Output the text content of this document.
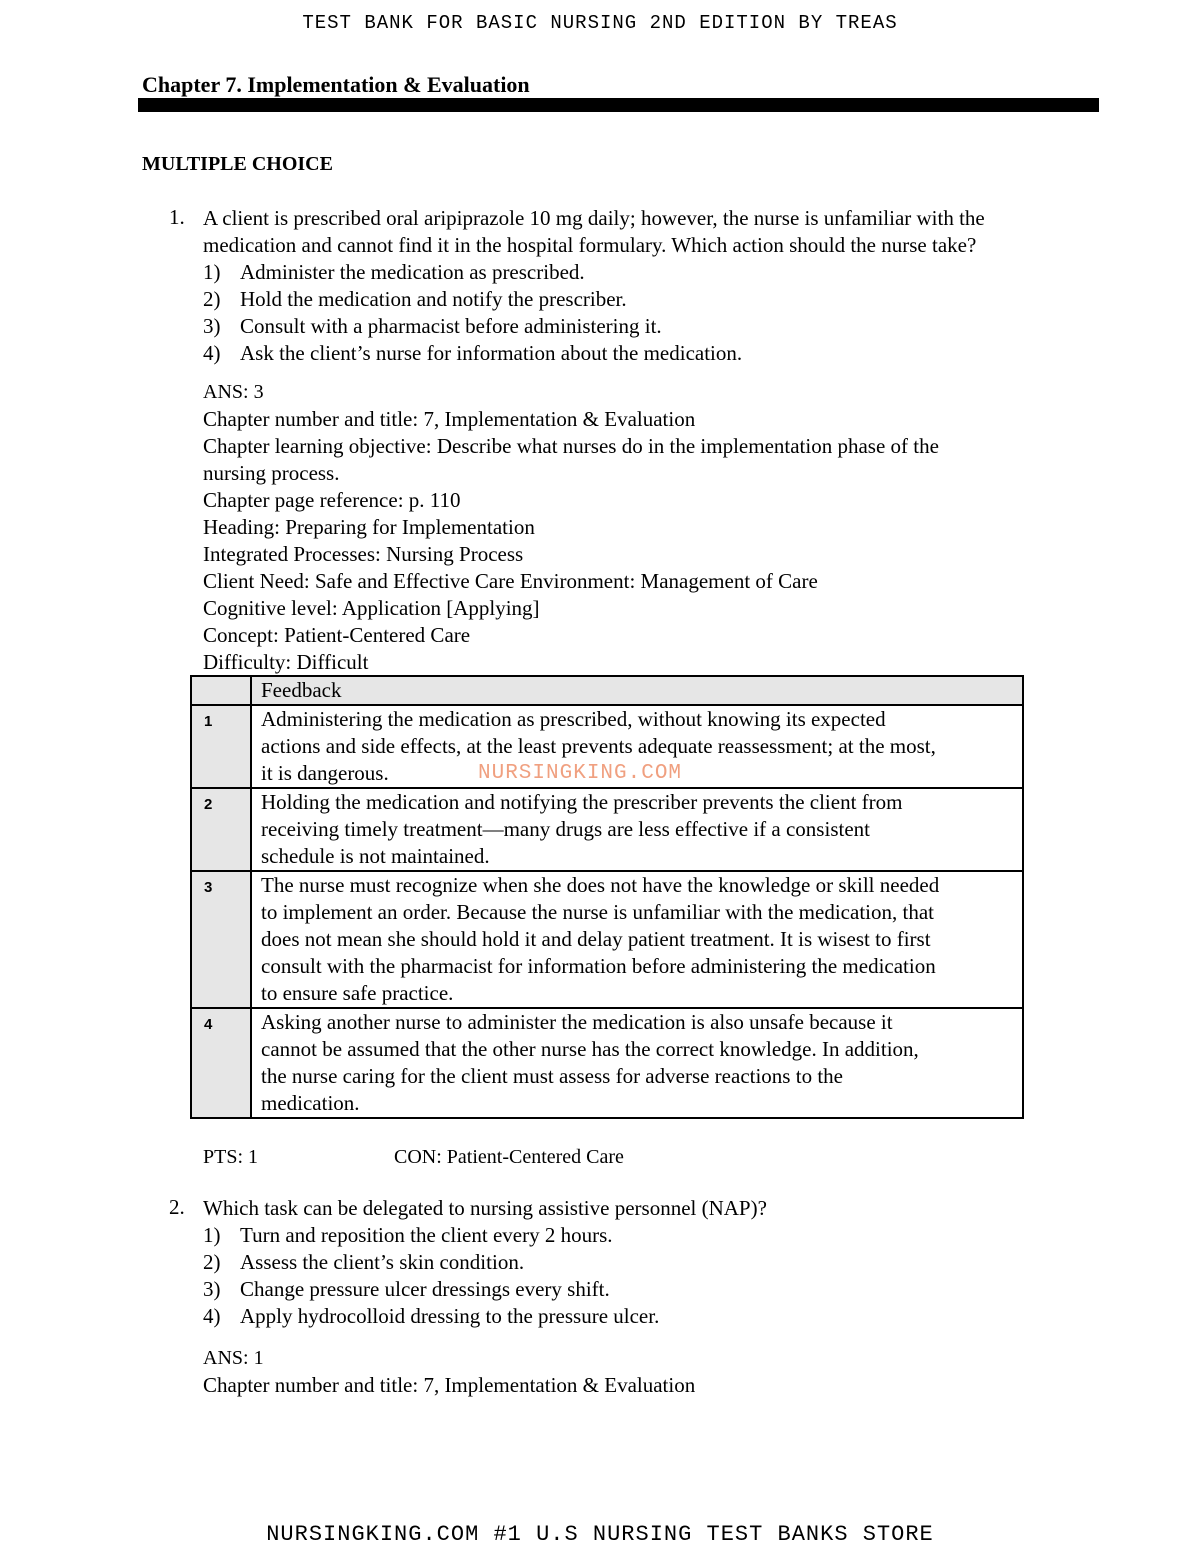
TEST BANK FOR BASIC NURSING 2ND EDITION BY TREAS
Chapter 7. Implementation & Evaluation
MULTIPLE CHOICE
1. A client is prescribed oral aripiprazole 10 mg daily; however, the nurse is unfamiliar with the
medication and cannot find it in the hospital formulary. Which action should the nurse take?
1) Administer the medication as prescribed.
2) Hold the medication and notify the prescriber.
3) Consult with a pharmacist before administering it.
4) Ask the client’s nurse for information about the medication.
ANS: 3
Chapter number and title: 7, Implementation & Evaluation
Chapter learning objective: Describe what nurses do in the implementation phase of the
nursing process.
Chapter page reference: p. 110
Heading: Preparing for Implementation
Integrated Processes: Nursing Process
Client Need: Safe and Effective Care Environment: Management of Care
Cognitive level: Application [Applying]
Concept: Patient-Centered Care
Difficulty: Difficult
	Feedback
1	Administering the medication as prescribed, without knowing its expected
actions and side effects, at the least prevents adequate reassessment; at the most,
it is dangerous.

2	Holding the medication and notifying the prescriber prevents the client from
receiving timely treatment—many drugs are less effective if a consistent
schedule is not maintained.

3	The nurse must recognize when she does not have the knowledge or skill needed
to implement an order. Because the nurse is unfamiliar with the medication, that
does not mean she should hold it and delay patient treatment. It is wisest to first
consult with the pharmacist for information before administering the medication
to ensure safe practice.

4	Asking another nurse to administer the medication is also unsafe because it
cannot be assumed that the other nurse has the correct knowledge. In addition,
the nurse caring for the client must assess for adverse reactions to the
medication.
NURSINGKING.COM
PTS: 1	CON: Patient-Centered Care
2. Which task can be delegated to nursing assistive personnel (NAP)?
1) Turn and reposition the client every 2 hours.
2) Assess the client’s skin condition.
3) Change pressure ulcer dressings every shift.
4) Apply hydrocolloid dressing to the pressure ulcer.
ANS: 1
Chapter number and title: 7, Implementation & Evaluation
NURSINGKING.COM #1 U.S NURSING TEST BANKS STORE
